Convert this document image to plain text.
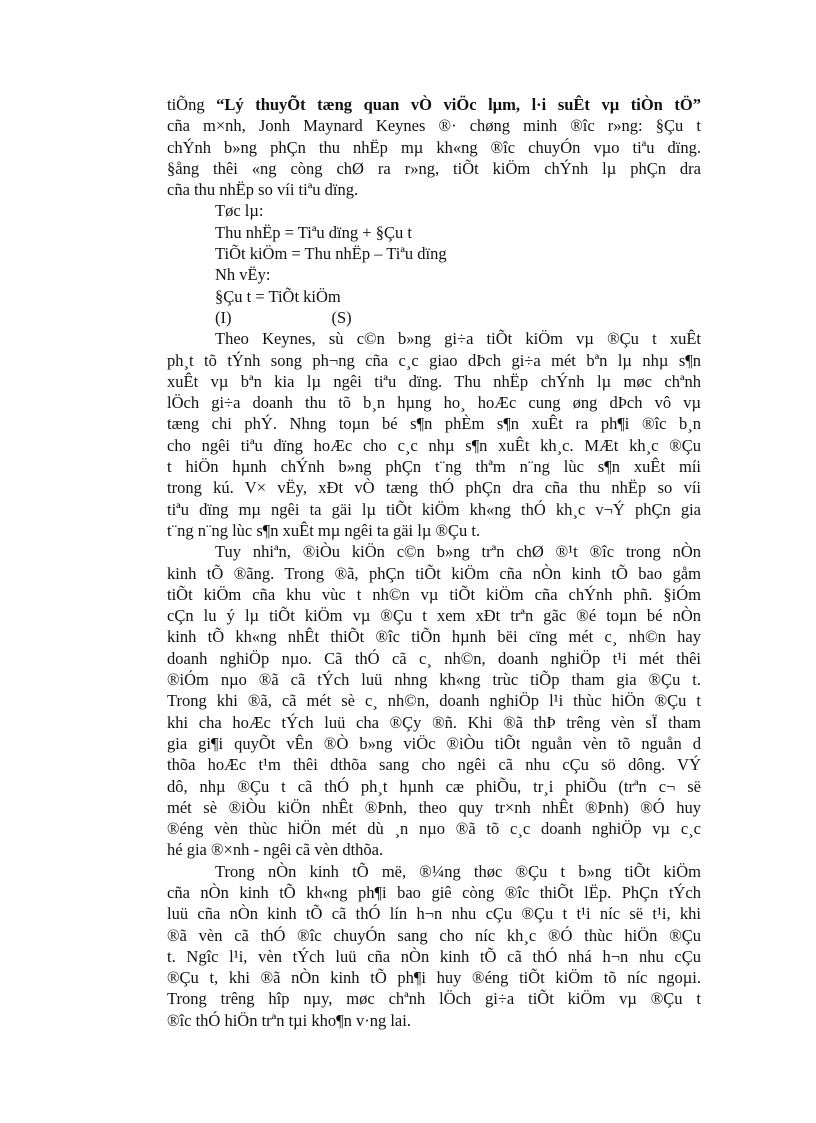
tiÕng “Lý thuyÕt tæng quan vÒ viÖc lµm, l·i suÊt vµ tiÒn tÖ”
cña m×nh, Jonh Maynard Keynes ®· chøng minh ®îc r»ng: §Çu t
chÝnh b»ng phÇn thu nhËp mµ kh«ng ®îc chuyÓn vµo tiªu dïng.
§ång thêi «ng còng chØ ra r»ng, tiÕt kiÖm chÝnh lµ phÇn dra
cña thu nhËp so víi tiªu dïng.
Tøc lµ:
Thu nhËp = Tiªu dïng + §Çu t
TiÕt kiÖm = Thu nhËp – Tiªu dïng
Nh vËy:
§Çu t = TiÕt kiÖm
(I)	(S)
Theo Keynes, sù c©n b»ng gi÷a tiÕt kiÖm vµ ®Çu t xuÊt
ph¸t tõ tÝnh song ph¬ng cña c¸c giao dÞch gi÷a mét bªn lµ nhµ s¶n
xuÊt vµ bªn kia lµ ngêi tiªu dïng. Thu nhËp chÝnh lµ møc chªnh
lÖch gi÷a doanh thu tõ b¸n hµng ho¸ hoÆc cung øng dÞch vô vµ
tæng chi phÝ. Nhng toµn bé s¶n phÈm s¶n xuÊt ra ph¶i ®îc b¸n
cho ngêi tiªu dïng hoÆc cho c¸c nhµ s¶n xuÊt kh¸c. MÆt kh¸c ®Çu
t hiÖn hµnh chÝnh b»ng phÇn t¨ng thªm n¨ng lùc s¶n xuÊt míi
trong kú. V× vËy, xÐt vÒ tæng thÓ phÇn dra cña thu nhËp so víi
tiªu dïng mµ ngêi ta gäi lµ tiÕt kiÖm kh«ng thÓ kh¸c v¬Ý phÇn gia
t¨ng n¨ng lùc s¶n xuÊt mµ ngêi ta gäi lµ ®Çu t.
Tuy nhiªn, ®iÒu kiÖn c©n b»ng trªn chØ ®¹t ®îc trong nÒn
kinh tÕ ®ãng. Trong ®ã, phÇn tiÕt kiÖm cña nÒn kinh tÕ bao gåm
tiÕt kiÖm cña khu vùc t nh©n vµ tiÕt kiÖm cña chÝnh phñ. §iÓm
cÇn lu ý lµ tiÕt kiÖm vµ ®Çu t xem xÐt trªn gãc ®é toµn bé nÒn
kinh tÕ kh«ng nhÊt thiÕt ®îc tiÕn hµnh bëi cïng mét c¸ nh©n hay
doanh nghiÖp nµo. Cã thÓ cã c¸ nh©n, doanh nghiÖp t¹i mét thêi
®iÓm nµo ®ã cã tÝch luü nhng kh«ng trùc tiÕp tham gia ®Çu t.
Trong khi ®ã, cã mét sè c¸ nh©n, doanh nghiÖp l¹i thùc hiÖn ®Çu t
khi cha hoÆc tÝch luü cha ®Çy ®ñ. Khi ®ã thÞ trêng vèn sÏ tham
gia gi¶i quyÕt vÊn ®Ò b»ng viÖc ®iÒu tiÕt nguån vèn tõ nguån d
thõa hoÆc t¹m thêi dthõa sang cho ngêi cã nhu cÇu sö dông. VÝ
dô, nhµ ®Çu t cã thÓ ph¸t hµnh cæ phiÕu, tr¸i phiÕu (trªn c¬ së
mét sè ®iÒu kiÖn nhÊt ®Þnh, theo quy tr×nh nhÊt ®Þnh) ®Ó huy
®éng vèn thùc hiÖn mét dù ¸n nµo ®ã tõ c¸c doanh nghiÖp vµ c¸c
hé gia ®×nh - ngêi cã vèn dthõa.
Trong nÒn kinh tÕ më, ®¼ng thøc ®Çu t b»ng tiÕt kiÖm
cña nÒn kinh tÕ kh«ng ph¶i bao giê còng ®îc thiÕt lËp. PhÇn tÝch
luü cña nÒn kinh tÕ cã thÓ lín h¬n nhu cÇu ®Çu t t¹i níc së t¹i, khi
®ã vèn cã thÓ ®îc chuyÓn sang cho níc kh¸c ®Ó thùc hiÖn ®Çu
t. Ngîc l¹i, vèn tÝch luü cña nÒn kinh tÕ cã thÓ nhá h¬n nhu cÇu
®Çu t, khi ®ã nÒn kinh tÕ ph¶i huy ®éng tiÕt kiÖm tõ níc ngoµi.
Trong trêng hîp nµy, møc chªnh lÖch gi÷a tiÕt kiÖm vµ ®Çu t
®îc thÓ hiÖn trªn tµi kho¶n v·ng lai.
